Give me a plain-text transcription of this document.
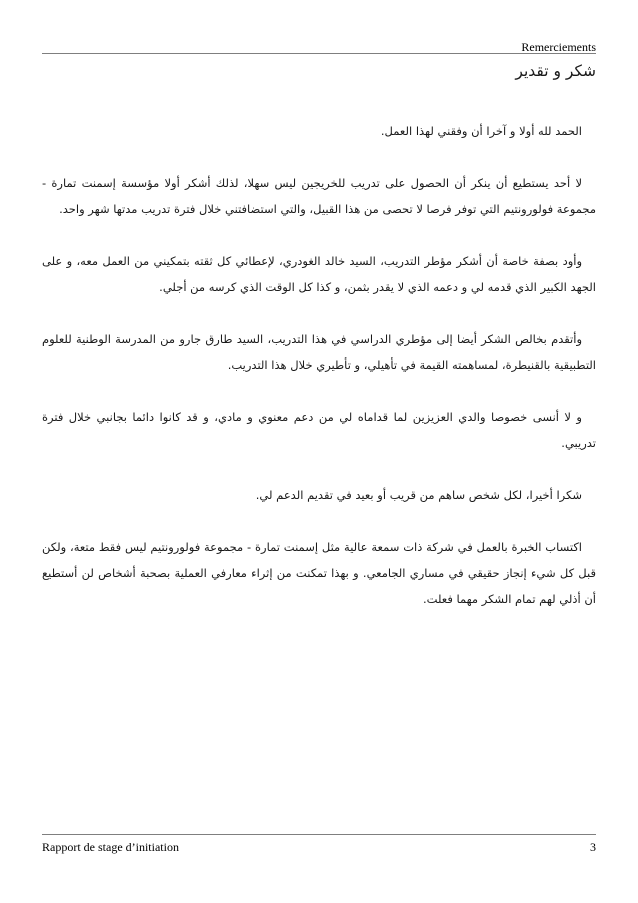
Remerciements
شكر و تقدير

الحمد لله أولا و آخرا أن وفقني لهذا العمل.

لا أحد يستطيع أن ينكر أن الحصول على تدريب للخريجين ليس سهلا، لذلك أشكر أولا مؤسسة إسمنت تمارة - مجموعة فولورونتيم التي توفر فرصا لا تحصى من هذا القبيل، والتي استضافتني خلال فترة تدريب مدتها شهر واحد.

وأود بصفة خاصة أن أشكر مؤطر التدريب، السيد خالد الغودري، لإعطائي كل ثقته بتمكيني من العمل معه، و على الجهد الكبير الذي قدمه لي و دعمه الذي لا يقدر بثمن، و كذا كل الوقت الذي كرسه من أجلي.

وأتقدم بخالص الشكر أيضا إلى مؤطري الدراسي في هذا التدريب، السيد طارق جارو من المدرسة الوطنية للعلوم التطبيقية بالقنيطرة، لمساهمته القيمة في تأهيلي، و تأطيري خلال هذا التدريب.

و لا أنسى خصوصا والدي العزيزين لما قداماه لي من دعم معنوي و مادي، و قد كانوا دائما بجانبي خلال فترة تدريبي.

شكرا أخيرا، لكل شخص ساهم من قريب أو بعيد في تقديم الدعم لي.

اكتساب الخبرة بالعمل في شركة ذات سمعة عالية مثل إسمنت تمارة - مجموعة فولورونتيم ليس فقط متعة، ولكن قبل كل شيء إنجاز حقيقي في مساري الجامعي. و بهذا تمكنت من إثراء معارفي العملية بصحبة أشخاص لن أستطيع أن أذلي لهم تمام الشكر مهما فعلت.

Rapport de stage d’initiation	3
